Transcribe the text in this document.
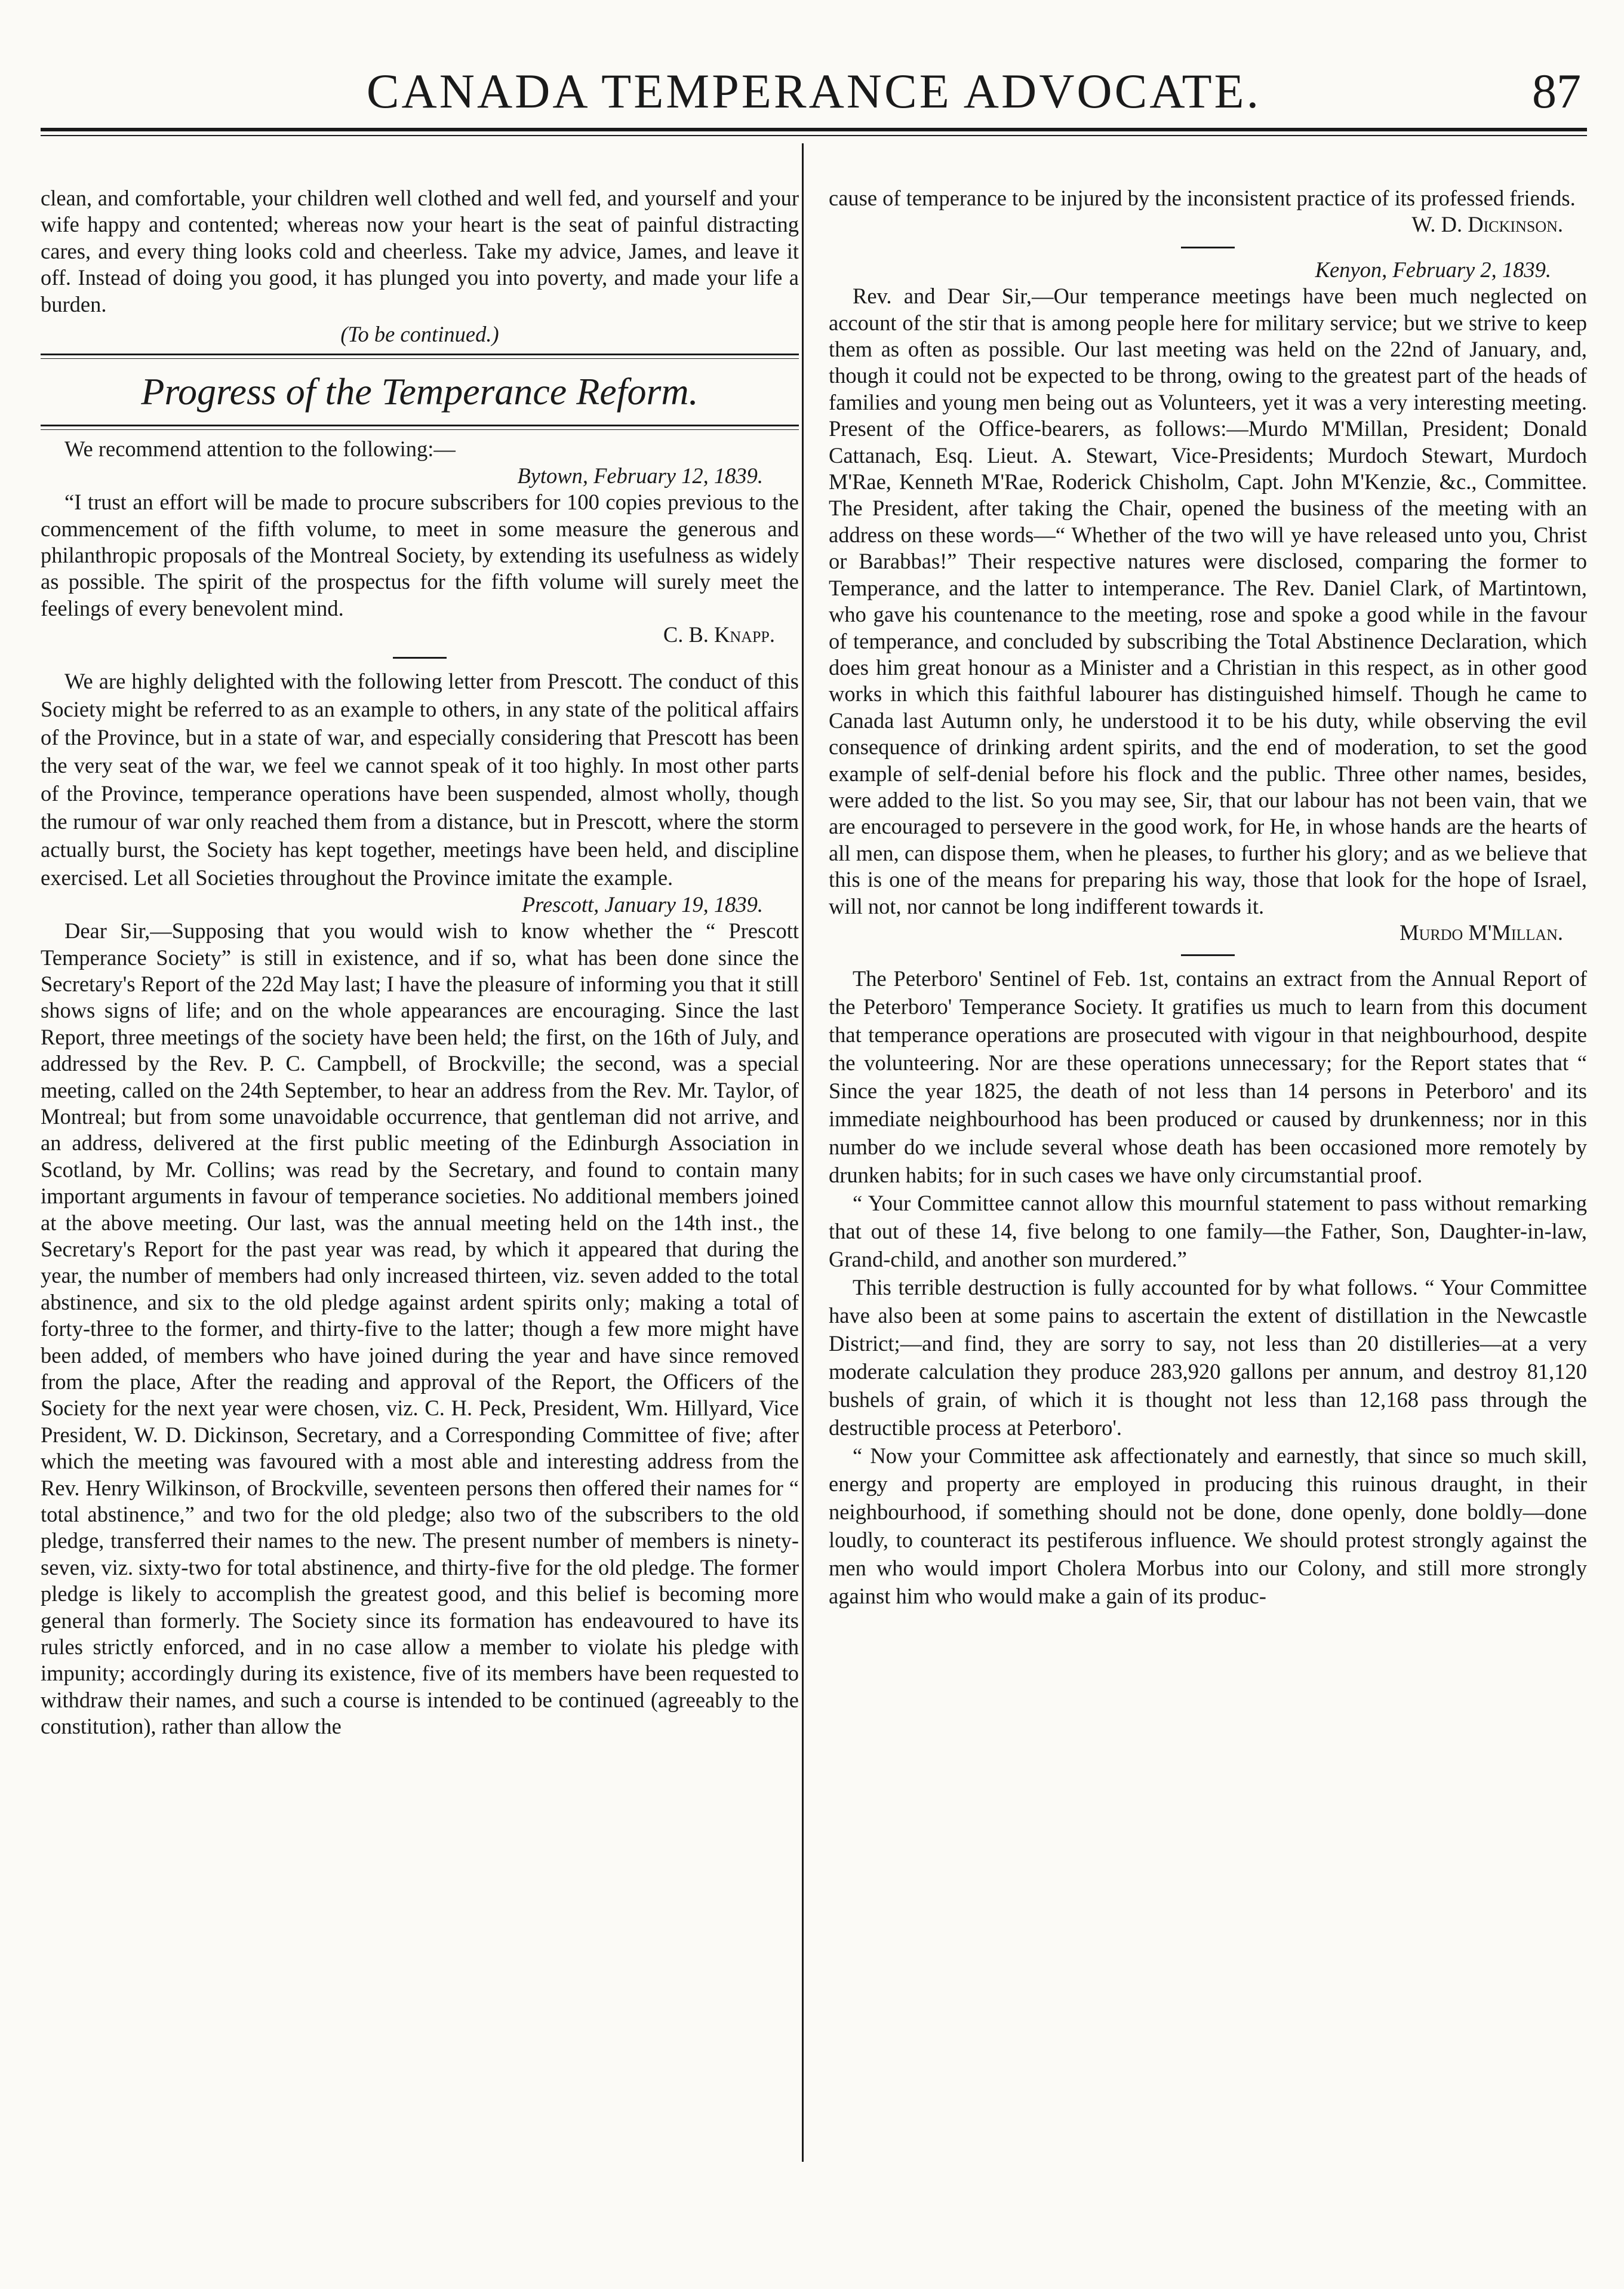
CANADA TEMPERANCE ADVOCATE.	87

clean, and comfortable, your children well clothed and well fed, and yourself and your wife happy and contented; whereas now your heart is the seat of painful distracting cares, and every thing looks cold and cheerless. Take my advice, James, and leave it off. Instead of doing you good, it has plunged you into poverty, and made your life a burden.

(To be continued.)
Progress of the Temperance Reform.

We recommend attention to the following:—

Bytown, February 12, 1839.

“I trust an effort will be made to procure subscribers for 100 copies previous to the commencement of the fifth volume, to meet in some measure the generous and philanthropic proposals of the Montreal Society, by extending its usefulness as widely as possible. The spirit of the prospectus for the fifth volume will surely meet the feelings of every benevolent mind.

C. B. Knapp.

We are highly delighted with the following letter from Prescott. The conduct of this Society might be referred to as an example to others, in any state of the political affairs of the Province, but in a state of war, and especially considering that Prescott has been the very seat of the war, we feel we cannot speak of it too highly. In most other parts of the Province, temperance operations have been suspended, almost wholly, though the rumour of war only reached them from a distance, but in Prescott, where the storm actually burst, the Society has kept together, meetings have been held, and discipline exercised. Let all Societies throughout the Province imitate the example.

Prescott, January 19, 1839.

Dear Sir,—Supposing that you would wish to know whether the “ Prescott Temperance Society” is still in existence, and if so, what has been done since the Secretary's Report of the 22d May last; I have the pleasure of informing you that it still shows signs of life; and on the whole appearances are encouraging. Since the last Report, three meetings of the society have been held; the first, on the 16th of July, and addressed by the Rev. P. C. Campbell, of Brockville; the second, was a special meeting, called on the 24th September, to hear an address from the Rev. Mr. Taylor, of Montreal; but from some unavoidable occurrence, that gentleman did not arrive, and an address, delivered at the first public meeting of the Edinburgh Association in Scotland, by Mr. Collins; was read by the Secretary, and found to contain many important arguments in favour of temperance societies. No additional members joined at the above meeting. Our last, was the annual meeting held on the 14th inst., the Secretary's Report for the past year was read, by which it appeared that during the year, the number of members had only increased thirteen, viz. seven added to the total abstinence, and six to the old pledge against ardent spirits only; making a total of forty-three to the former, and thirty-five to the latter; though a few more might have been added, of members who have joined during the year and have since removed from the place, After the reading and approval of the Report, the Officers of the Society for the next year were chosen, viz. C. H. Peck, President, Wm. Hillyard, Vice President, W. D. Dickinson, Secretary, and a Corresponding Committee of five; after which the meeting was favoured with a most able and interesting address from the Rev. Henry Wilkinson, of Brockville, seventeen persons then offered their names for “ total abstinence,” and two for the old pledge; also two of the subscribers to the old pledge, transferred their names to the new. The present number of members is ninety-seven, viz. sixty-two for total abstinence, and thirty-five for the old pledge. The former pledge is likely to accomplish the greatest good, and this belief is becoming more general than formerly. The Society since its formation has endeavoured to have its rules strictly enforced, and in no case allow a member to violate his pledge with impunity; accordingly during its existence, five of its members have been requested to withdraw their names, and such a course is intended to be continued (agreeably to the constitution), rather than allow the

cause of temperance to be injured by the inconsistent practice of its professed friends.

W. D. Dickinson.
Kenyon, February 2, 1839.

Rev. and Dear Sir,—Our temperance meetings have been much neglected on account of the stir that is among people here for military service; but we strive to keep them as often as possible. Our last meeting was held on the 22nd of January, and, though it could not be expected to be throng, owing to the greatest part of the heads of families and young men being out as Volunteers, yet it was a very interesting meeting. Present of the Office-bearers, as follows:—Murdo M'Millan, President; Donald Cattanach, Esq. Lieut. A. Stewart, Vice-Presidents; Murdoch Stewart, Murdoch M'Rae, Kenneth M'Rae, Roderick Chisholm, Capt. John M'Kenzie, &c., Committee. The President, after taking the Chair, opened the business of the meeting with an address on these words—“ Whether of the two will ye have released unto you, Christ or Barabbas!” Their respective natures were disclosed, comparing the former to Temperance, and the latter to intemperance. The Rev. Daniel Clark, of Martintown, who gave his countenance to the meeting, rose and spoke a good while in the favour of temperance, and concluded by subscribing the Total Abstinence Declaration, which does him great honour as a Minister and a Christian in this respect, as in other good works in which this faithful labourer has distinguished himself. Though he came to Canada last Autumn only, he understood it to be his duty, while observing the evil consequence of drinking ardent spirits, and the end of moderation, to set the good example of self-denial before his flock and the public. Three other names, besides, were added to the list. So you may see, Sir, that our labour has not been vain, that we are encouraged to persevere in the good work, for He, in whose hands are the hearts of all men, can dispose them, when he pleases, to further his glory; and as we believe that this is one of the means for preparing his way, those that look for the hope of Israel, will not, nor cannot be long indifferent towards it.

Murdo M'Millan.

The Peterboro' Sentinel of Feb. 1st, contains an extract from the Annual Report of the Peterboro' Temperance Society. It gratifies us much to learn from this document that temperance operations are prosecuted with vigour in that neighbourhood, despite the volunteering. Nor are these operations unnecessary; for the Report states that “ Since the year 1825, the death of not less than 14 persons in Peterboro' and its immediate neighbourhood has been produced or caused by drunkenness; nor in this number do we include several whose death has been occasioned more remotely by drunken habits; for in such cases we have only circumstantial proof.

“ Your Committee cannot allow this mournful statement to pass without remarking that out of these 14, five belong to one family—the Father, Son, Daughter-in-law, Grand-child, and another son murdered.”

This terrible destruction is fully accounted for by what follows. “ Your Committee have also been at some pains to ascertain the extent of distillation in the Newcastle District;—and find, they are sorry to say, not less than 20 distilleries—at a very moderate calculation they produce 283,920 gallons per annum, and destroy 81,120 bushels of grain, of which it is thought not less than 12,168 pass through the destructible process at Peterboro'.

“ Now your Committee ask affectionately and earnestly, that since so much skill, energy and property are employed in producing this ruinous draught, in their neighbourhood, if something should not be done, done openly, done boldly—done loudly, to counteract its pestiferous influence. We should protest strongly against the men who would import Cholera Morbus into our Colony, and still more strongly against him who would make a gain of its produc-
